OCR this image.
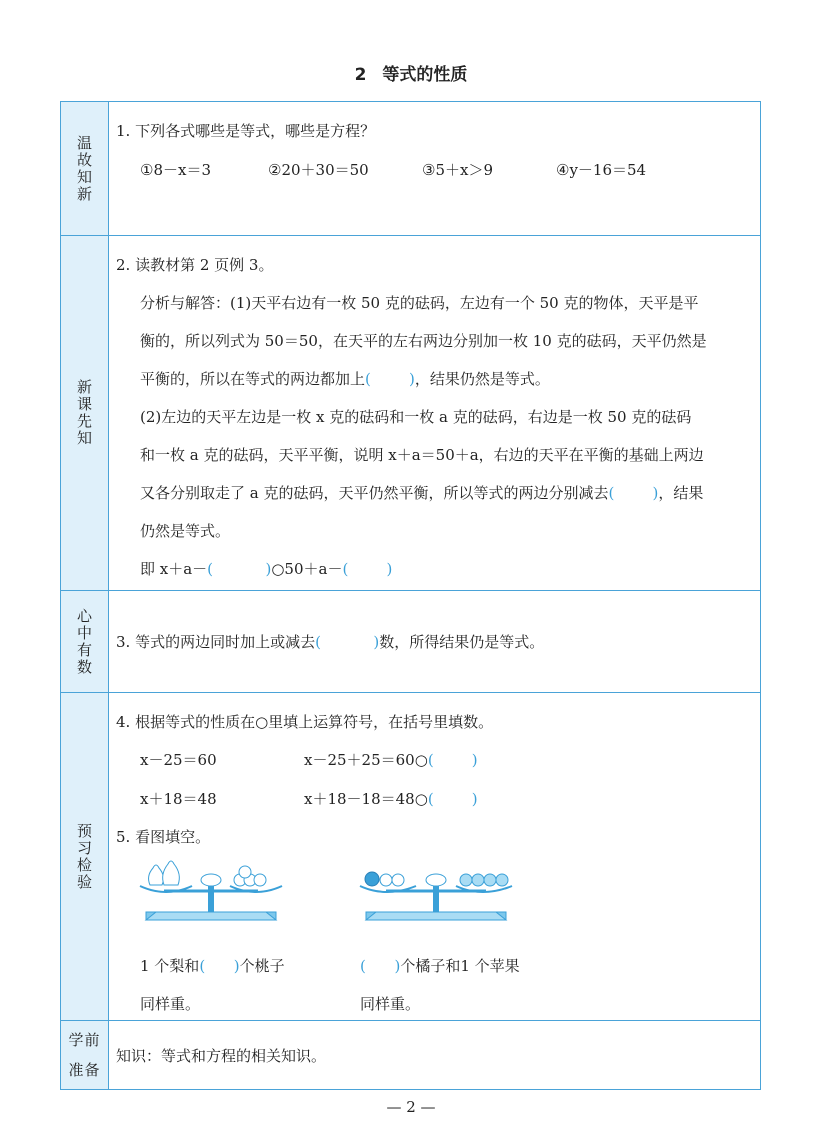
2 等式的性质
温故知新
1. 下列各式哪些是等式，哪些是方程？
①8－x＝3	②20＋30＝50	③5＋x＞9	④y－16＝54
新课先知
2. 读教材第 2 页例 3。
分析与解答：(1)天平右边有一枚 50 克的砝码，左边有一个 50 克的物体，天平是平
衡的，所以列式为 50＝50，在天平的左右两边分别加一枚 10 克的砝码，天平仍然是
平衡的，所以在等式的两边都加上(        )，结果仍然是等式。
(2)左边的天平左边是一枚 x 克的砝码和一枚 a 克的砝码，右边是一枚 50 克的砝码
和一枚 a 克的砝码，天平平衡，说明 x＋a＝50＋a，右边的天平在平衡的基础上两边
又各分别取走了 a 克的砝码，天平仍然平衡，所以等式的两边分别减去(        )，结果
仍然是等式。
即 x＋a－(           )○50＋a－(        )
心中有数 3. 等式的两边同时加上或减去(           )数，所得结果仍是等式。
预习检验
4. 根据等式的性质在○里填上运算符号，在括号里填数。
x－25＝60	x－25＋25＝60○(        )
x＋18＝48	x＋18－18＝48○(        )
5. 看图填空。
1 个梨和(      )个桃子
同样重。
(      )个橘子和1 个苹果
同样重。
学前准备
知识：等式和方程的相关知识。
— 2 —
